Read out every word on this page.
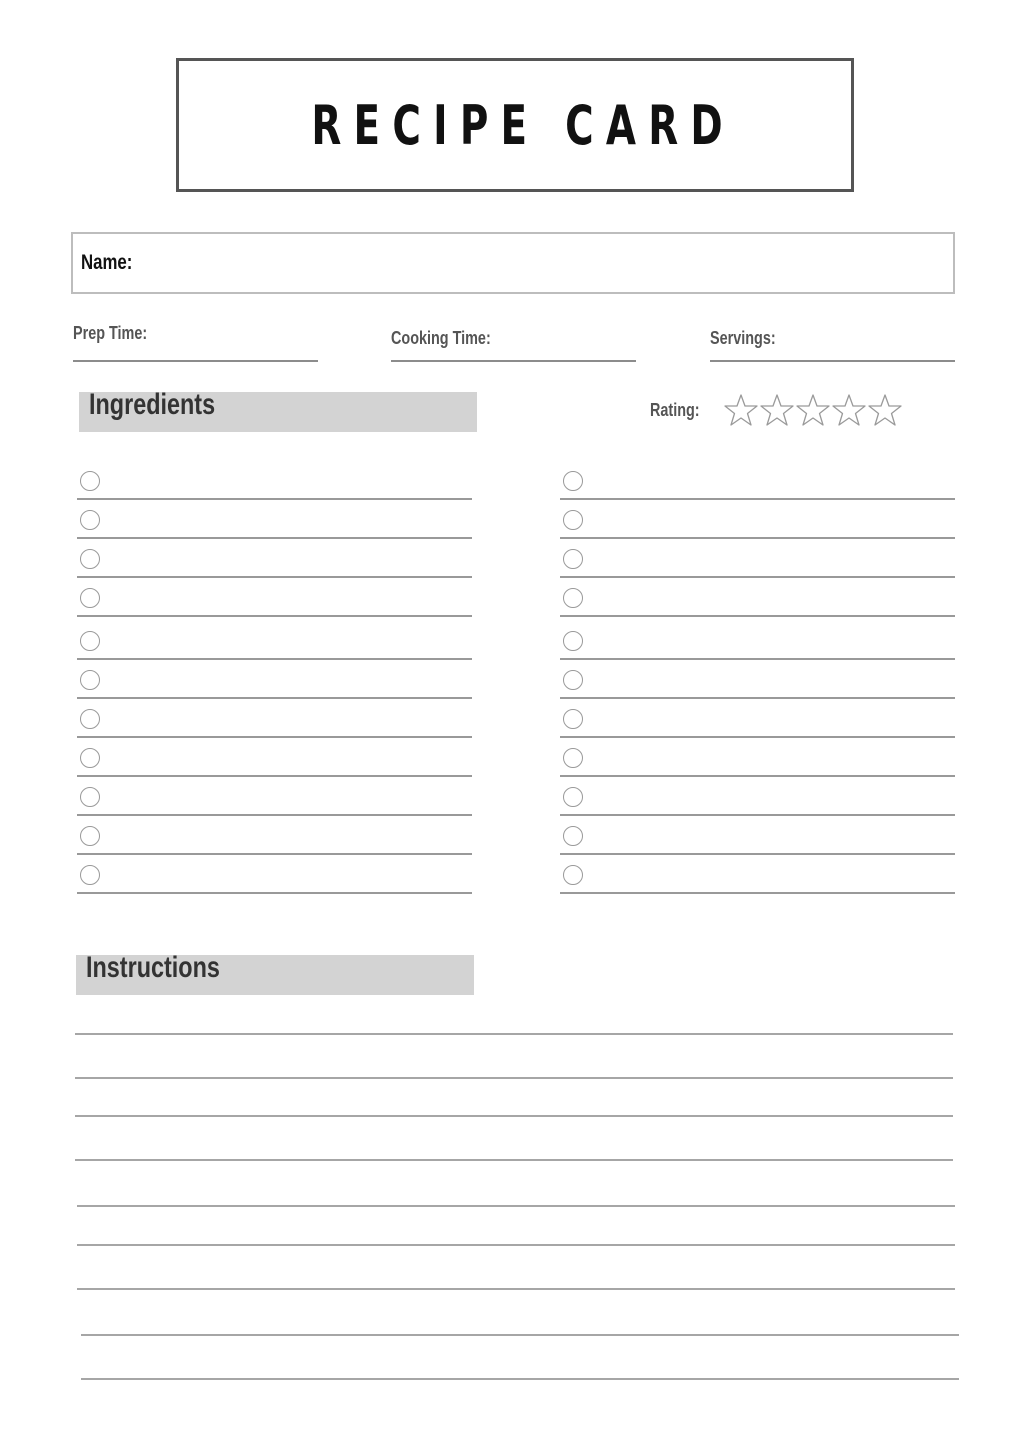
RECIPE CARD
Name:
Prep Time:	Cooking Time:	Servings:
Ingredients	Rating:
Instructions
